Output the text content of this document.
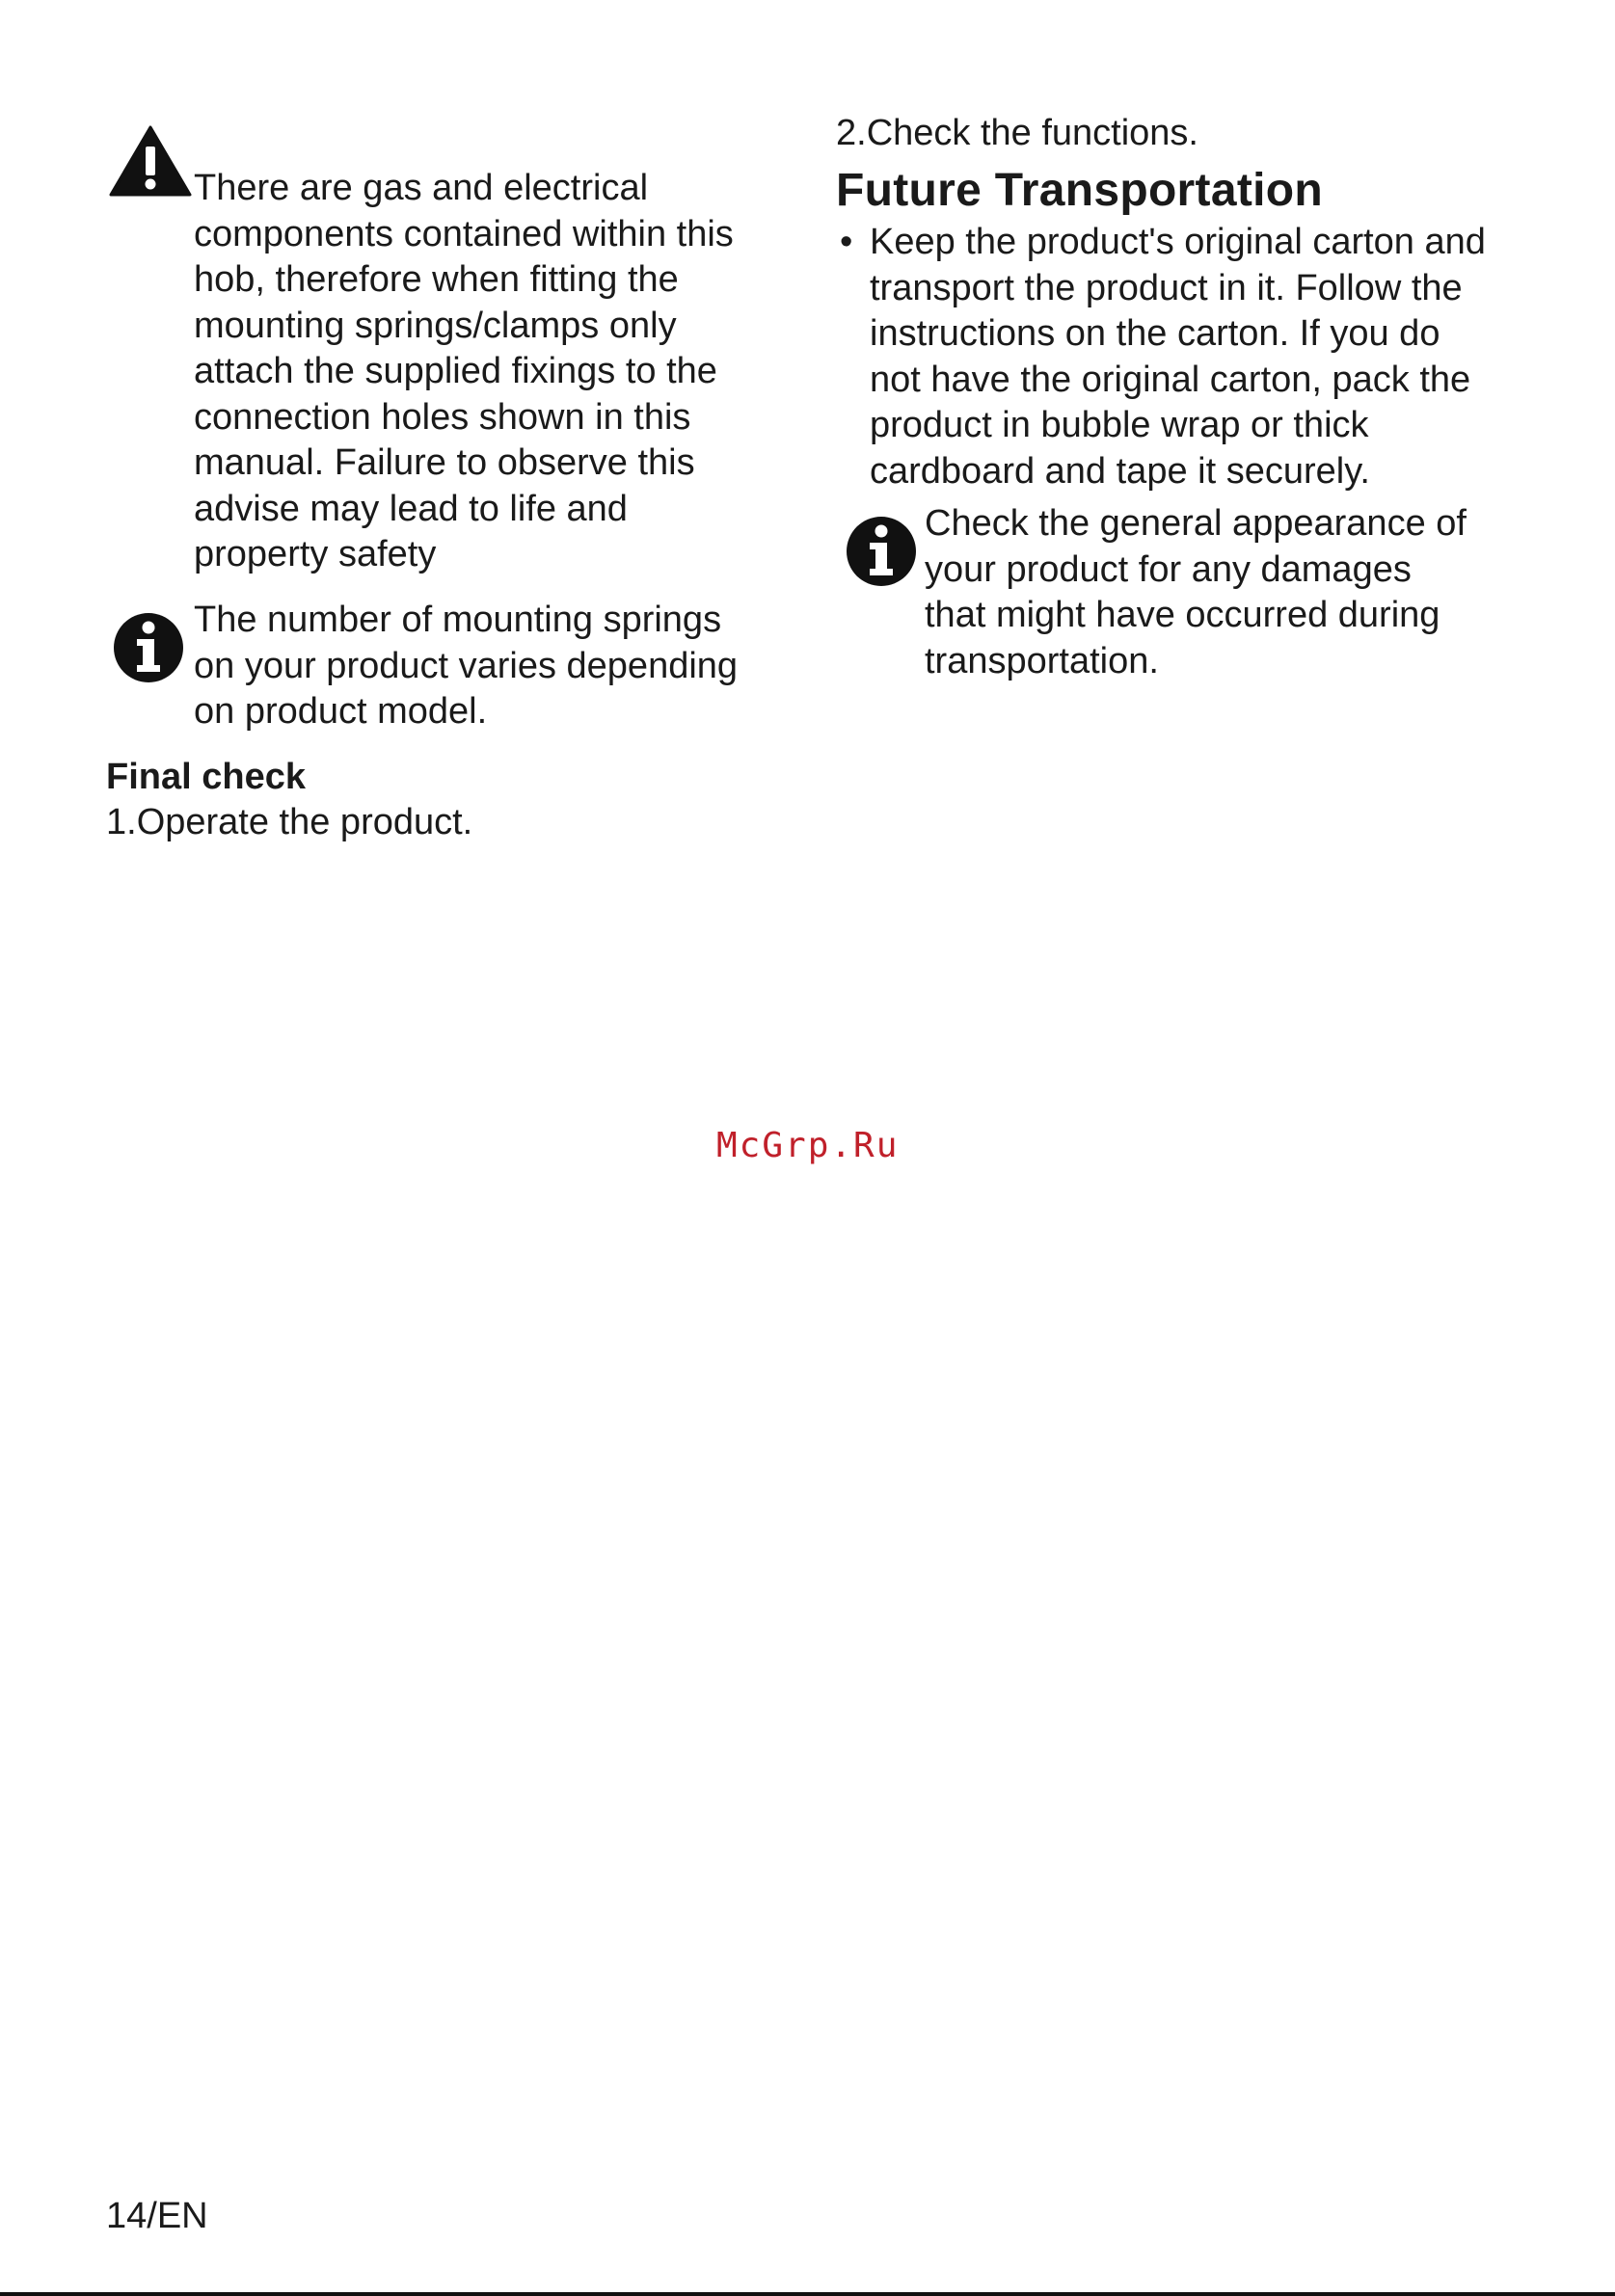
There are gas and electrical
components contained within this
hob, therefore when fitting the
mounting springs/clamps only
attach the supplied fixings to the
connection holes shown in this
manual. Failure to observe this
advise may lead to life and
property safety

The number of mounting springs
on your product varies depending
on product model.

Final check

1.Operate the product.

2.Check the functions.

Future Transportation
• Keep the product's original carton and
transport the product in it. Follow the
instructions on the carton. If you do
not have the original carton, pack the
product in bubble wrap or thick
cardboard and tape it securely.

Check the general appearance of
your product for any damages
that might have occurred during
transportation.

McGrp.Ru

14/EN
